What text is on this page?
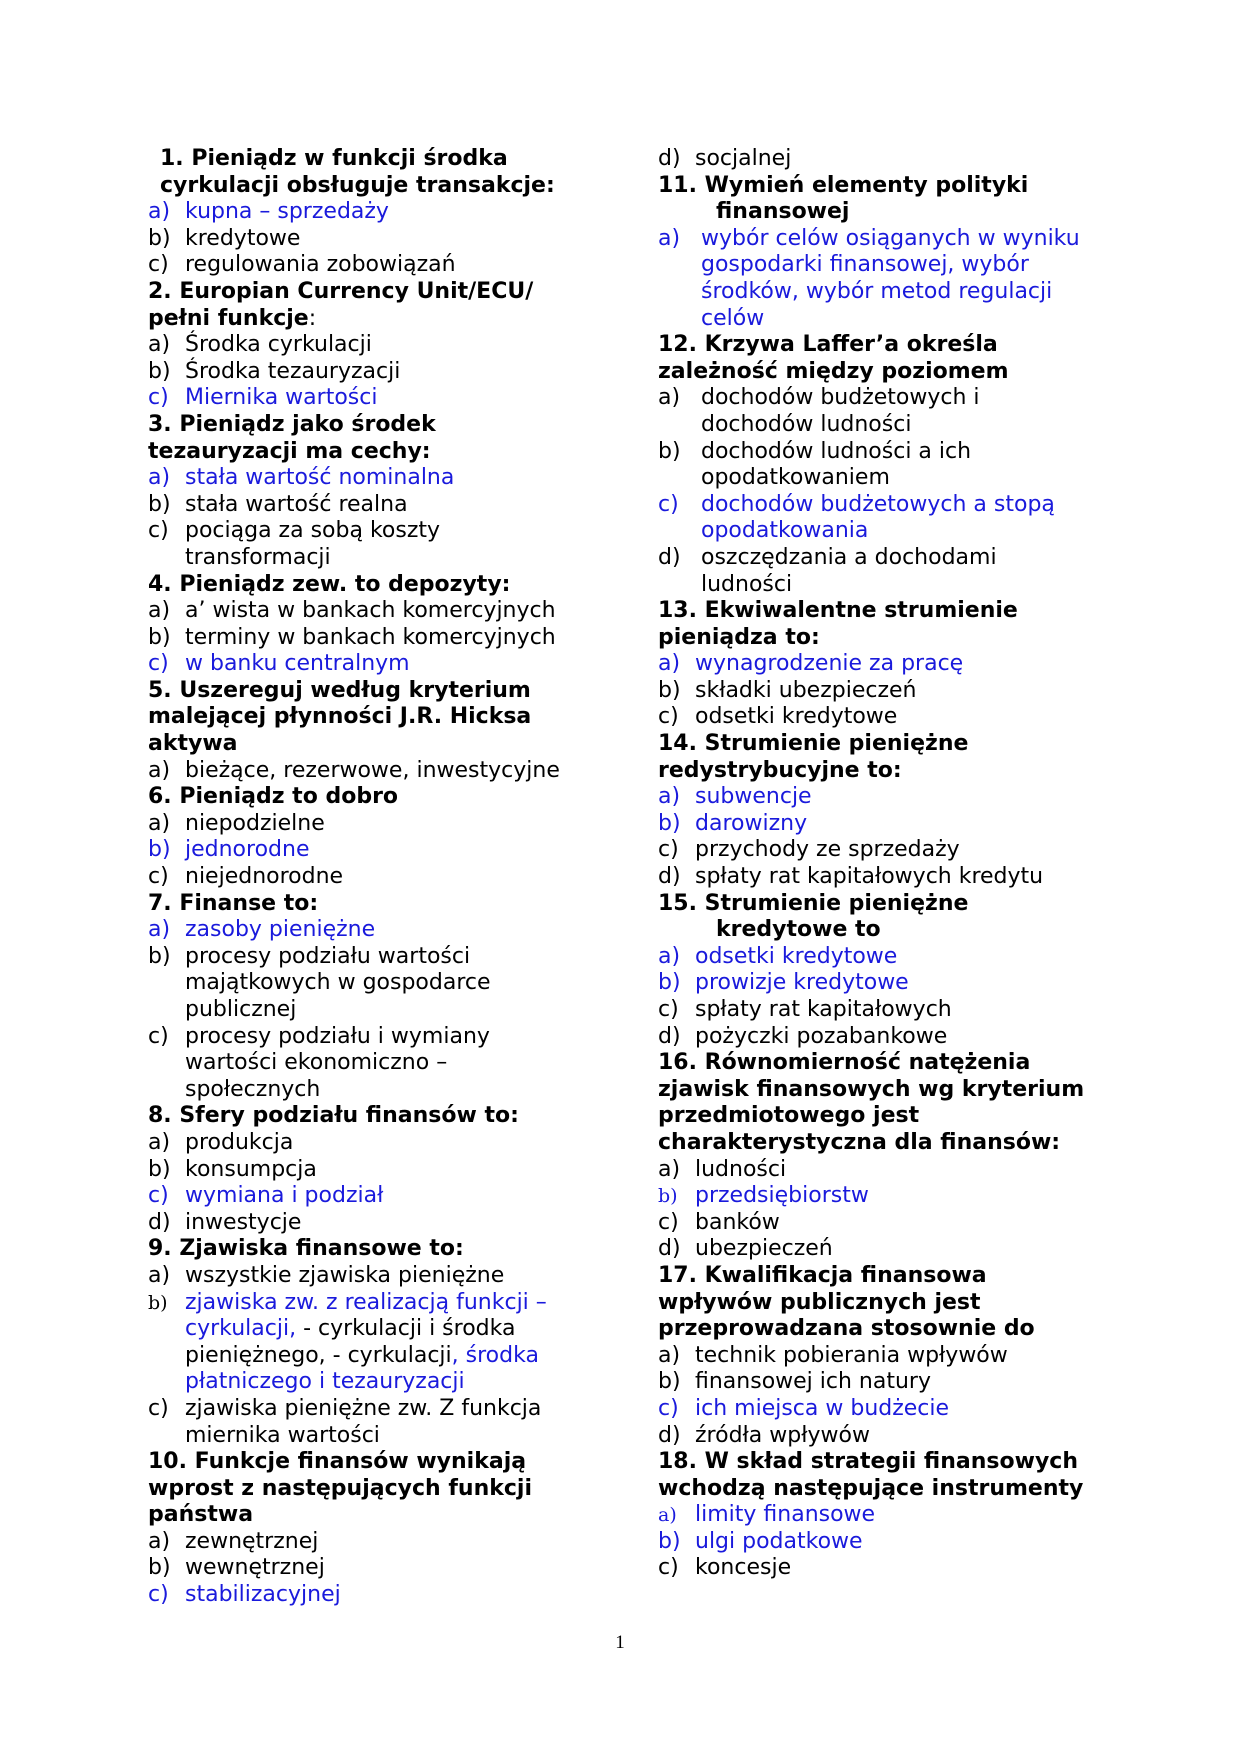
1. Pieniądz w funkcji środka cyrkulacji obsługuje transakcje:
a) kupna – sprzedaży
b) kredytowe
c) regulowania zobowiązań
2. Europian Currency Unit/ECU/ pełni funkcje:
a) Środka cyrkulacji
b) Środka tezauryzacji
c) Miernika wartości
3. Pieniądz jako środek tezauryzacji ma cechy:
a) stała wartość nominalna
b) stała wartość realna
c) pociąga za sobą koszty transformacji
4. Pieniądz zew. to depozyty:
a) a’ wista w bankach komercyjnych
b) terminy w bankach komercyjnych
c) w banku centralnym
5. Uszereguj według kryterium malejącej płynności J.R. Hicksa aktywa
a) bieżące, rezerwowe, inwestycyjne
6. Pieniądz to dobro
a) niepodzielne
b) jednorodne
c) niejednorodne
7. Finanse to:
a) zasoby pieniężne
b) procesy podziału wartości majątkowych w gospodarce publicznej
c) procesy podziału i wymiany wartości ekonomiczno – społecznych
8. Sfery podziału finansów to:
a) produkcja
b) konsumpcja
c) wymiana i podział
d) inwestycje
9. Zjawiska finansowe to:
a) wszystkie zjawiska pieniężne
b) zjawiska zw. z realizacją funkcji – cyrkulacji, - cyrkulacji i środka pieniężnego, - cyrkulacji, środka płatniczego i tezauryzacji
c) zjawiska pieniężne zw. Z funkcja miernika wartości
10. Funkcje finansów wynikają wprost z następujących funkcji państwa
a) zewnętrznej
b) wewnętrznej
c) stabilizacyjnej
d) socjalnej
11. Wymień elementy polityki finansowej
a) wybór celów osiąganych w wyniku gospodarki finansowej, wybór środków, wybór metod regulacji celów
12. Krzywa Laffer’a określa zależność między poziomem
a) dochodów budżetowych i dochodów ludności
b) dochodów ludności a ich opodatkowaniem
c)	dochodów budżetowych a stopą opodatkowania
d) oszczędzania a dochodami ludności
13. Ekwiwalentne strumienie pieniądza to:
a) wynagrodzenie za pracę
b) składki ubezpieczeń
c) odsetki kredytowe
14. Strumienie pieniężne redystrybucyjne to:
a) subwencje
b) darowizny
c) przychody ze sprzedaży
d) spłaty rat kapitałowych kredytu
15. Strumienie pieniężne kredytowe to
a) odsetki kredytowe
b) prowizje kredytowe
c) spłaty rat kapitałowych
d) pożyczki pozabankowe
16. Równomierność natężenia zjawisk finansowych wg kryterium przedmiotowego jest charakterystyczna dla finansów:
a) ludności
b) przedsiębiorstw
c) banków
d) ubezpieczeń
17. Kwalifikacja finansowa wpływów publicznych jest przeprowadzana stosownie do
a) technik pobierania wpływów
b) finansowej ich natury
c) ich miejsca w budżecie
d) źródła wpływów
18. W skład strategii finansowych wchodzą następujące instrumenty
a) limity finansowe
b) ulgi podatkowe
c) koncesje
1
